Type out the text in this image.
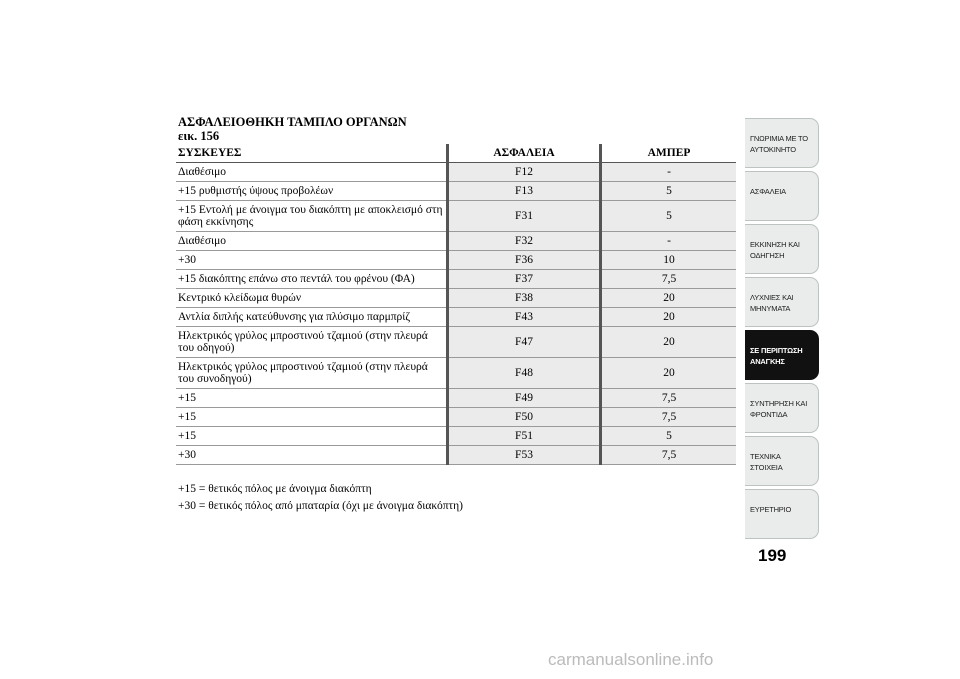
ΑΣΦΑΛΕΙΟΘΗΚΗ ΤΑΜΠΛΟ ΟΡΓΑΝΩΝ
εικ. 156
ΣΥΣΚΕΥΕΣ	ΑΣΦΑΛΕΙΑ	ΑΜΠΕΡ
Διαθέσιμο	F12	-
+15 ρυθμιστής ύψους προβολέων	F13	5
+15 Εντολή με άνοιγμα του διακόπτη με αποκλεισμό στη φάση εκκίνησης	F31	5
Διαθέσιμο	F32	-
+30	F36	10
+15 διακόπτης επάνω στο πεντάλ του φρένου (ΦΑ)	F37	7,5
Κεντρικό κλείδωμα θυρών	F38	20
Αντλία διπλής κατεύθυνσης για πλύσιμο παρμπρίζ	F43	20
Ηλεκτρικός γρύλος μπροστινού τζαμιού (στην πλευρά του οδηγού)	F47	20
Ηλεκτρικός γρύλος μπροστινού τζαμιού (στην πλευρά του συνοδηγού)	F48	20
+15	F49	7,5
+15	F50	7,5
+15	F51	5
+30	F53	7,5
+15 = θετικός πόλος με άνοιγμα διακόπτη
+30 = θετικός πόλος από μπαταρία (όχι με άνοιγμα διακόπτη)
ΓΝΩΡΙΜΙΑ ΜΕ ΤΟ
ΑΥΤΟΚΙΝΗΤΟ
ΑΣΦΑΛΕΙΑ
ΕΚΚΙΝΗΣΗ ΚΑΙ
ΟΔΗΓΗΣΗ
ΛΥΧΝΙΕΣ ΚΑΙ
ΜΗΝΥΜΑΤΑ
ΣΕ ΠΕΡΙΠΤΩΣΗ
ΑΝΑΓΚΗΣ
ΣΥΝΤΗΡΗΣΗ ΚΑΙ
ΦΡΟΝΤΙΔΑ
ΤΕΧΝΙΚΑ ΣΤΟΙΧΕΙΑ
ΕΥΡΕΤΗΡΙΟ
199
carmanualsonline.info
